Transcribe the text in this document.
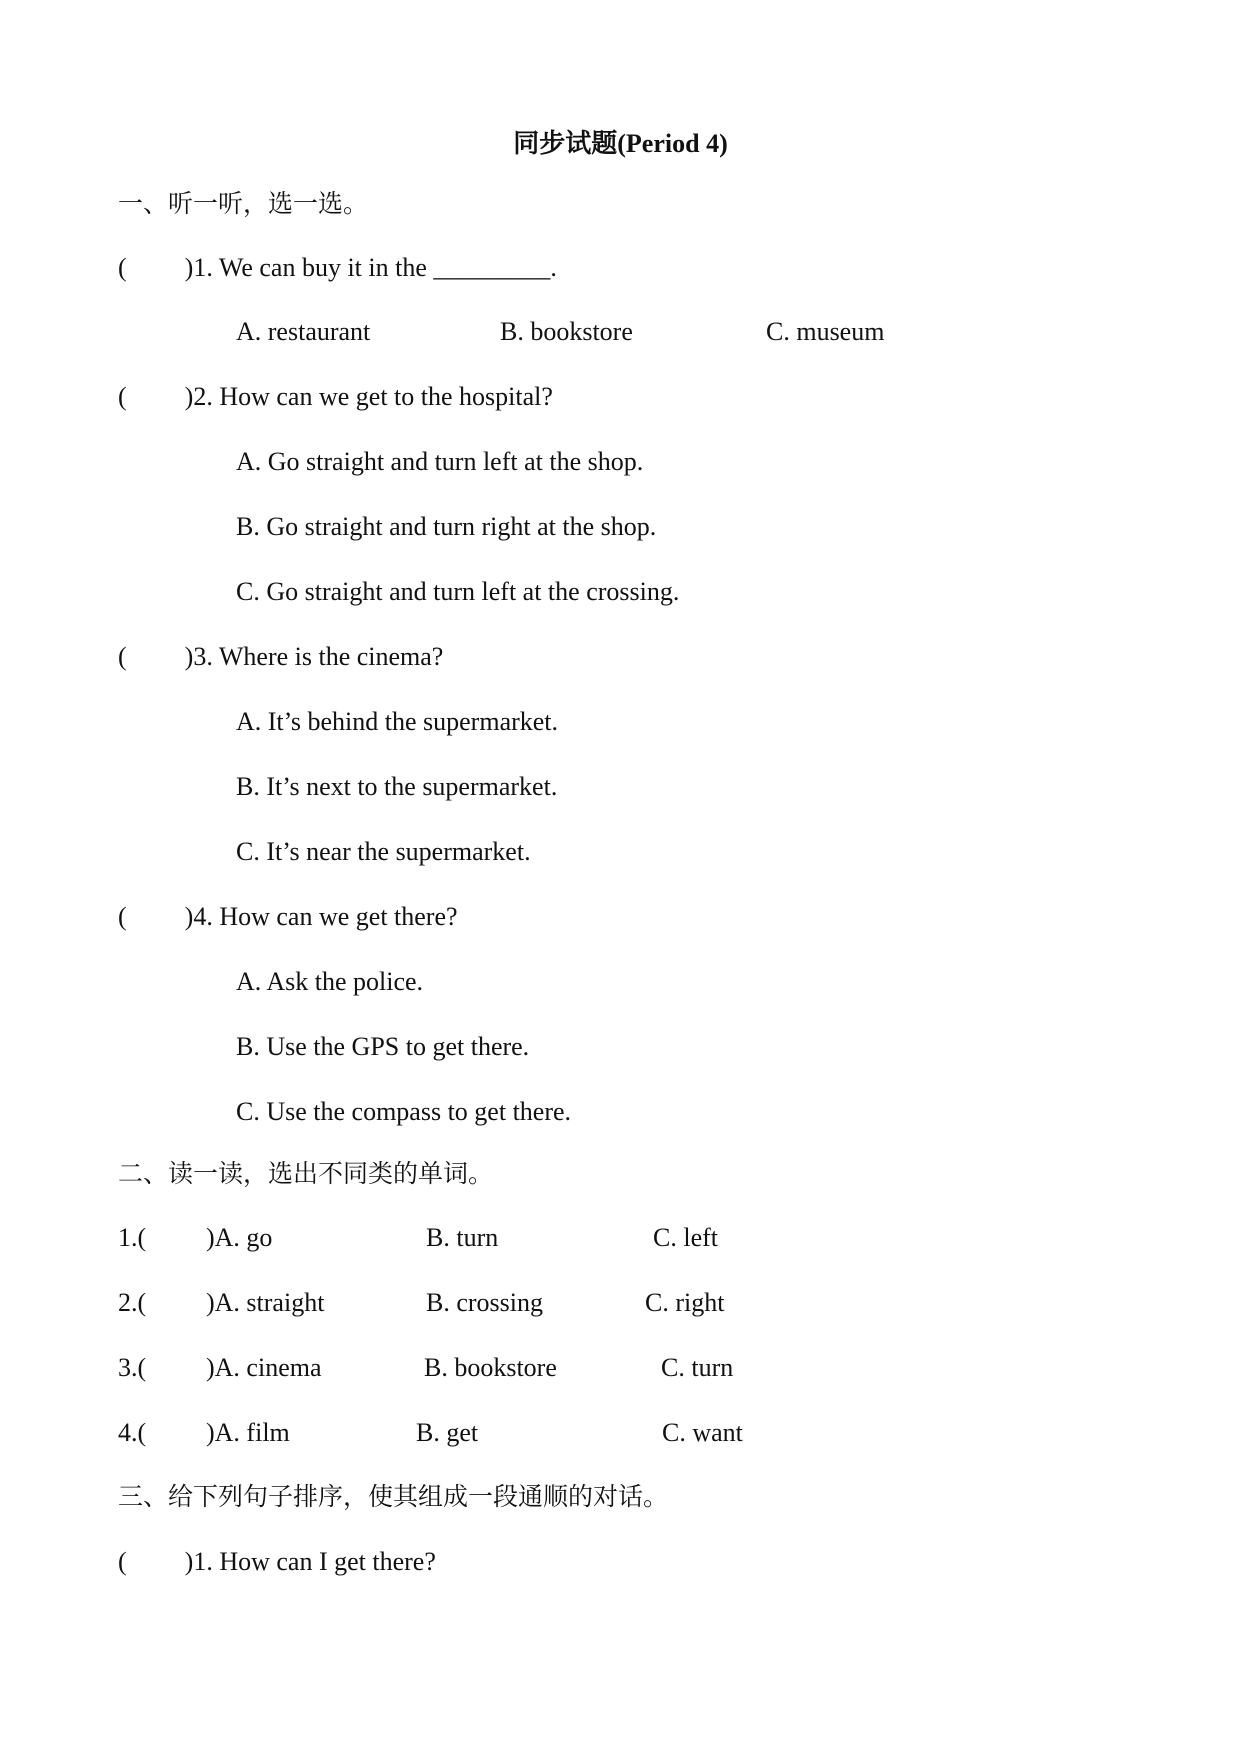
同步试题(Period 4)
一、听一听，选一选。
( )1. We can buy it in the _________.
A. restaurant	B. bookstore	C. museum
( )2. How can we get to the hospital?
A. Go straight and turn left at the shop.
B. Go straight and turn right at the shop.
C. Go straight and turn left at the crossing.
( )3. Where is the cinema?
A. It’s behind the supermarket.
B. It’s next to the supermarket.
C. It’s near the supermarket.
( )4. How can we get there?
A. Ask the police.
B. Use the GPS to get there.
C. Use the compass to get there.
二、读一读，选出不同类的单词。
1.( )A. go	B. turn	C. left
2.( )A. straight	B. crossing	C. right
3.( )A. cinema	B. bookstore	C. turn
4.( )A. film	B. get	C. want
三、给下列句子排序，使其组成一段通顺的对话。
( )1. How can I get there?
